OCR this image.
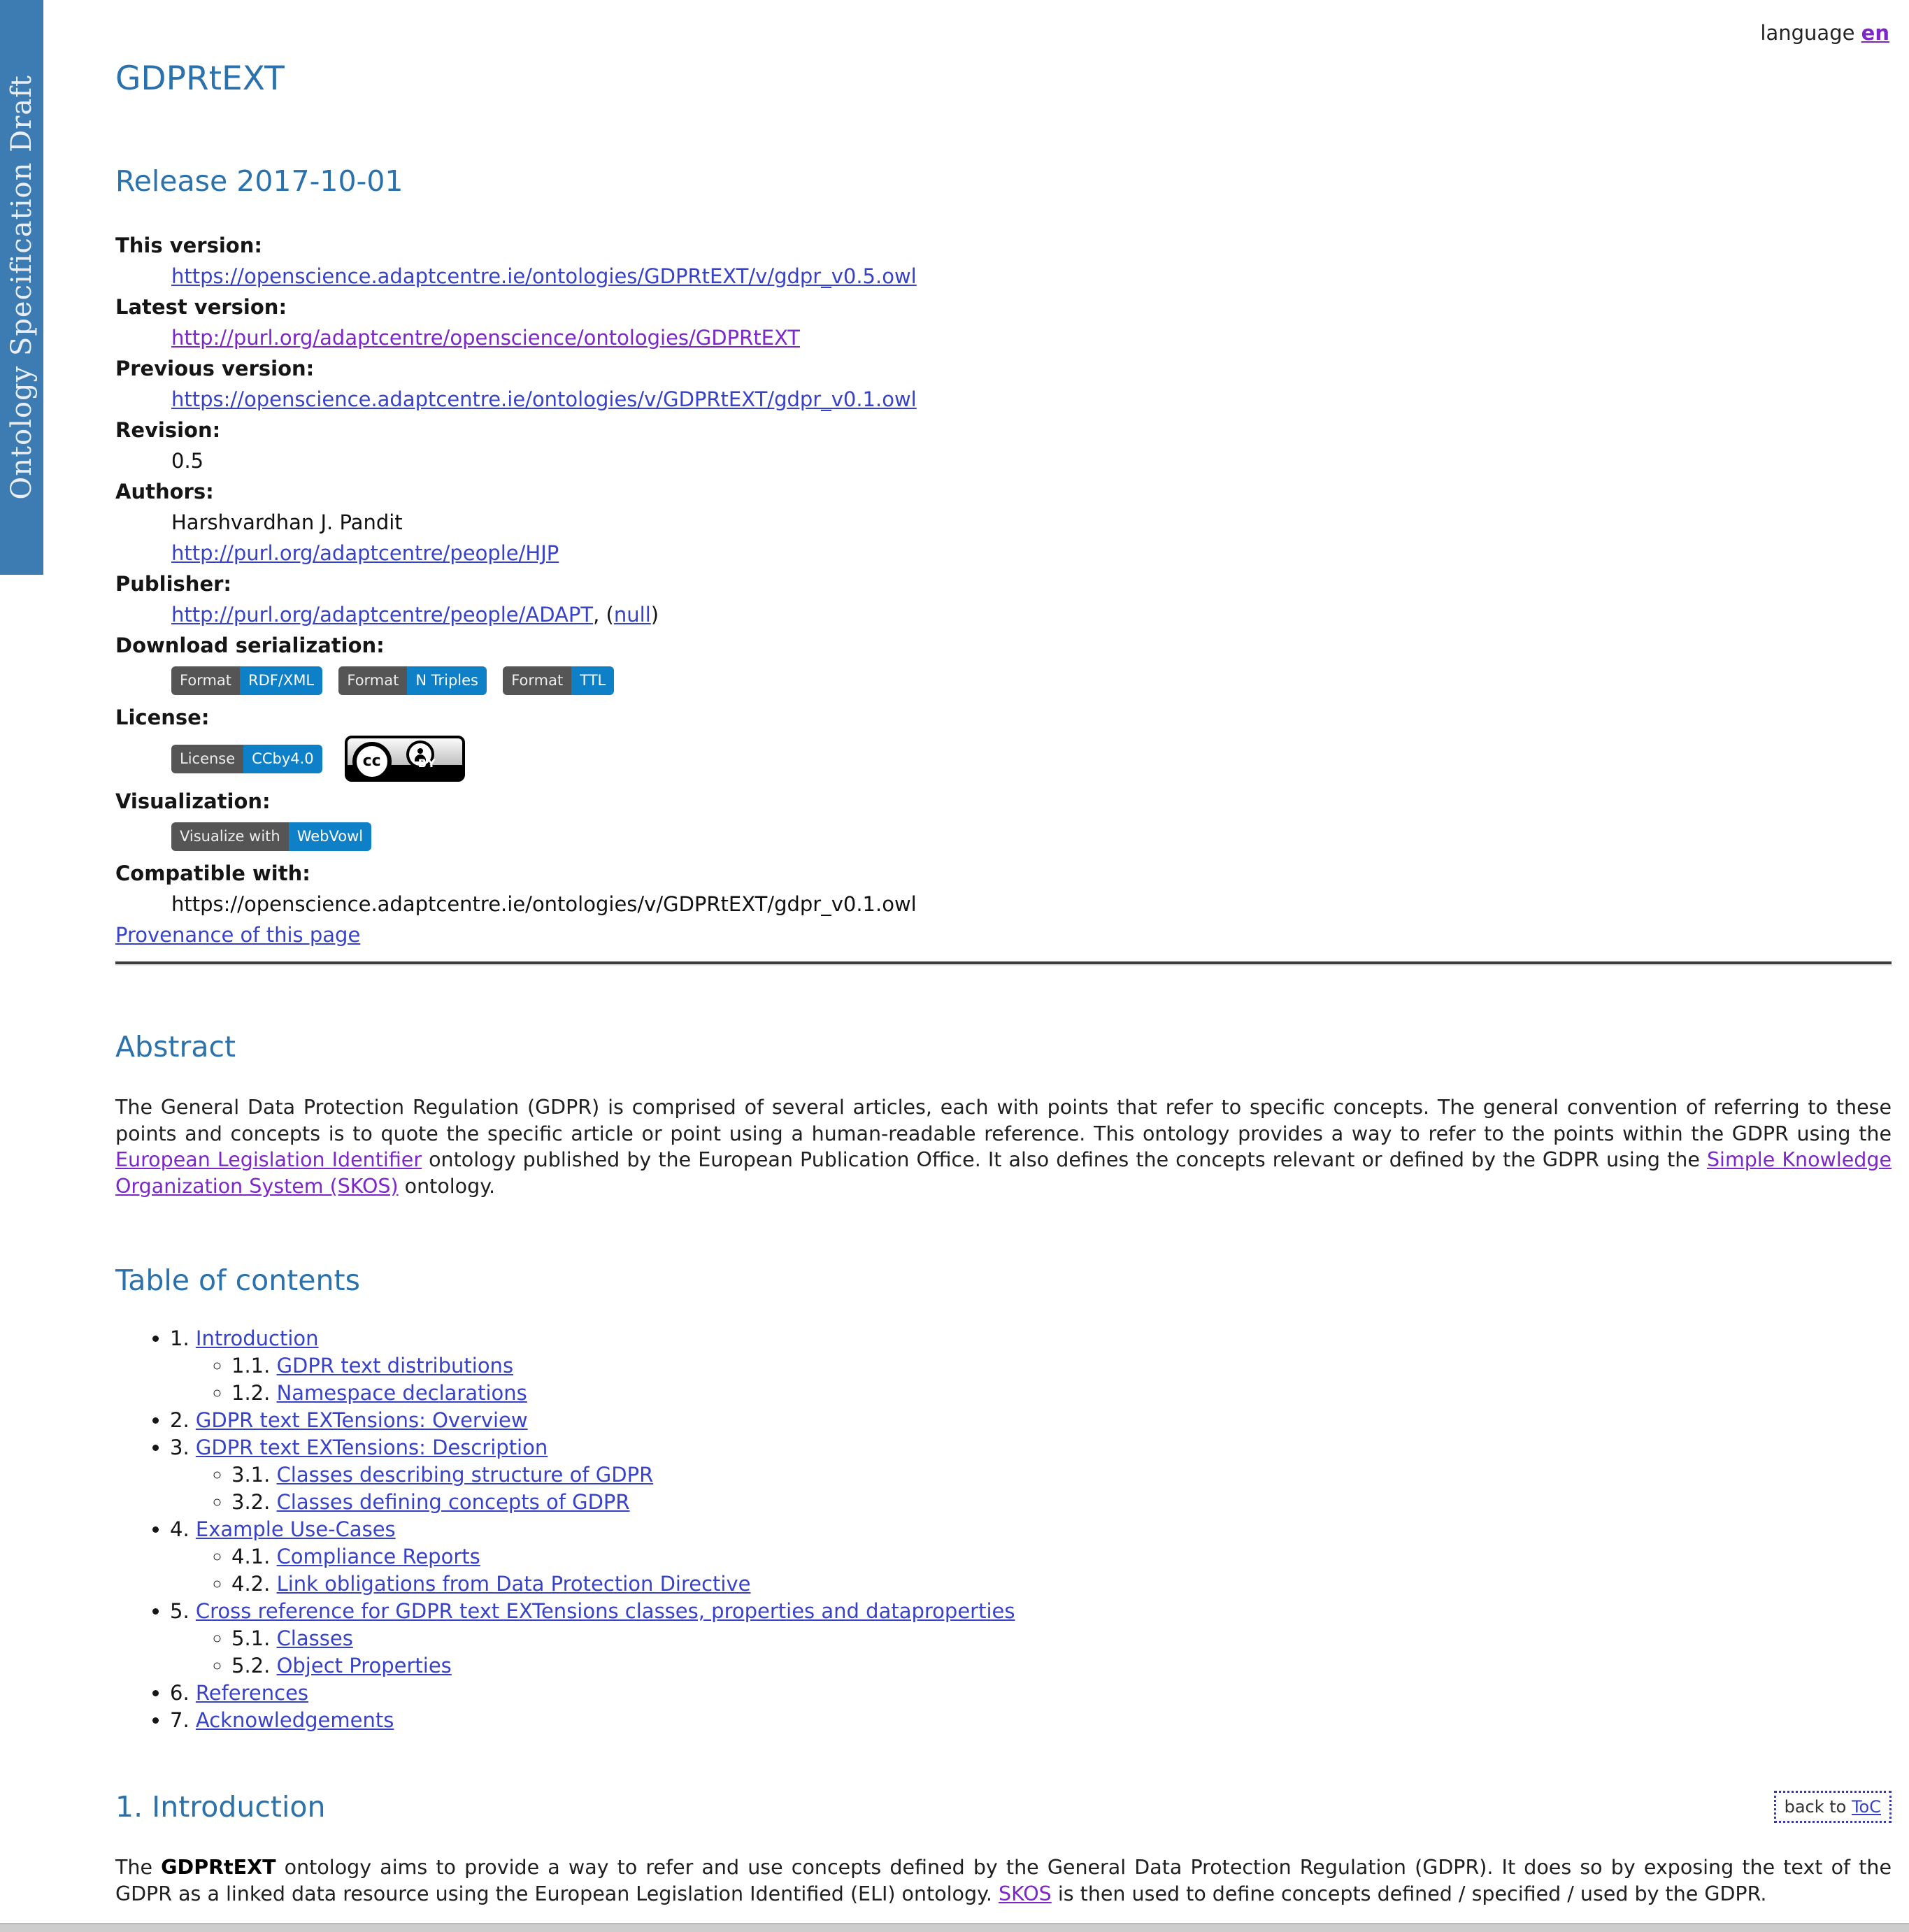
Ontology Specification Draft
language en
GDPRtEXT
Release 2017-10-01
This version:
https://openscience.adaptcentre.ie/ontologies/GDPRtEXT/v/gdpr_v0.5.owl
Latest version:
http://purl.org/adaptcentre/openscience/ontologies/GDPRtEXT
Previous version:
https://openscience.adaptcentre.ie/ontologies/v/GDPRtEXT/gdpr_v0.1.owl
Revision:
0.5
Authors:
Harshvardhan J. Pandit
http://purl.org/adaptcentre/people/HJP
Publisher:
http://purl.org/adaptcentre/people/ADAPT, (null)
Download serialization:
Format	RDF/XML
	Format	N Triples
	Format	TTL
License:
License	CCby4.0	cc	BY
Visualization:
Visualize with	WebVowl
Compatible with:
https://openscience.adaptcentre.ie/ontologies/v/GDPRtEXT/gdpr_v0.1.owl
Provenance of this page
Abstract

The General Data Protection Regulation (GDPR) is comprised of several articles, each with points that refer to specific concepts. The general convention of referring to these points and concepts is to quote the specific article or point using a human-readable reference. This ontology provides a way to refer to the points within the GDPR using the European Legislation Identifier ontology published by the European Publication Office. It also defines the concepts relevant or defined by the GDPR using the Simple Knowledge Organization System (SKOS) ontology.

Table of contents
• 1. Introduction
◦ 1.1. GDPR text distributions
◦ 1.2. Namespace declarations
• 2. GDPR text EXTensions: Overview
• 3. GDPR text EXTensions: Description
◦ 3.1. Classes describing structure of GDPR
◦ 3.2. Classes defining concepts of GDPR
• 4. Example Use-Cases
◦ 4.1. Compliance Reports
◦ 4.2. Link obligations from Data Protection Directive
• 5. Cross reference for GDPR text EXTensions classes, properties and dataproperties
◦ 5.1. Classes
◦ 5.2. Object Properties
• 6. References
• 7. Acknowledgements
1. Introduction	back to ToC

The GDPRtEXT ontology aims to provide a way to refer and use concepts defined by the General Data Protection Regulation (GDPR). It does so by exposing the text of the GDPR as a linked data resource using the European Legislation Identified (ELI) ontology. SKOS is then used to define concepts defined / specified / used by the GDPR.
